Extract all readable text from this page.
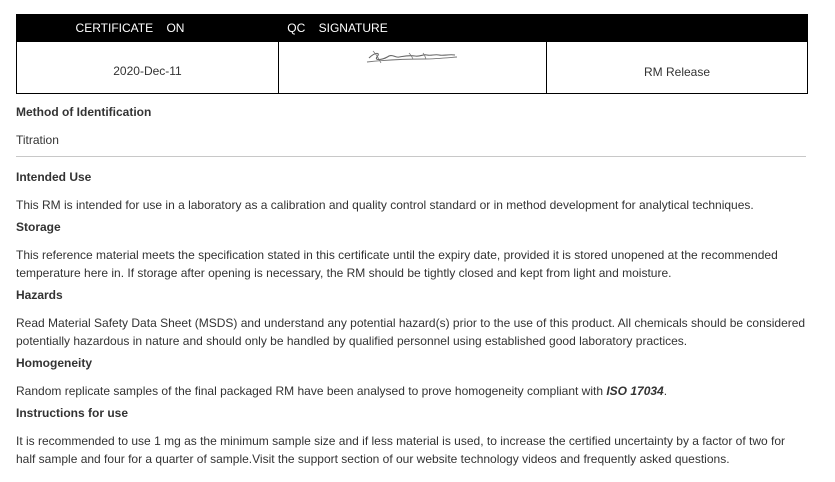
CERTIFICATE    ON	QC    SIGNATURE	
2020-Dec-11		RM Release
Method of Identification
Titration
Intended Use
This RM is intended for use in a laboratory as a calibration and quality control standard or in method development for analytical techniques.
Storage
This reference material meets the specification stated in this certificate until the expiry date, provided it is stored unopened at the recommended
temperature here in. If storage after opening is necessary, the RM should be tightly closed and kept from light and moisture.
Hazards
Read Material Safety Data Sheet (MSDS) and understand any potential hazard(s) prior to the use of this product. All chemicals should be considered
potentially hazardous in nature and should only be handled by qualified personnel using established good laboratory practices.
Homogeneity
Random replicate samples of the final packaged RM have been analysed to prove homogeneity compliant with ISO 17034.
Instructions for use
It is recommended to use 1 mg as the minimum sample size and if less material is used, to increase the certified uncertainty by a factor of two for
half sample and four for a quarter of sample.Visit the support section of our website technology videos and frequently asked questions.
